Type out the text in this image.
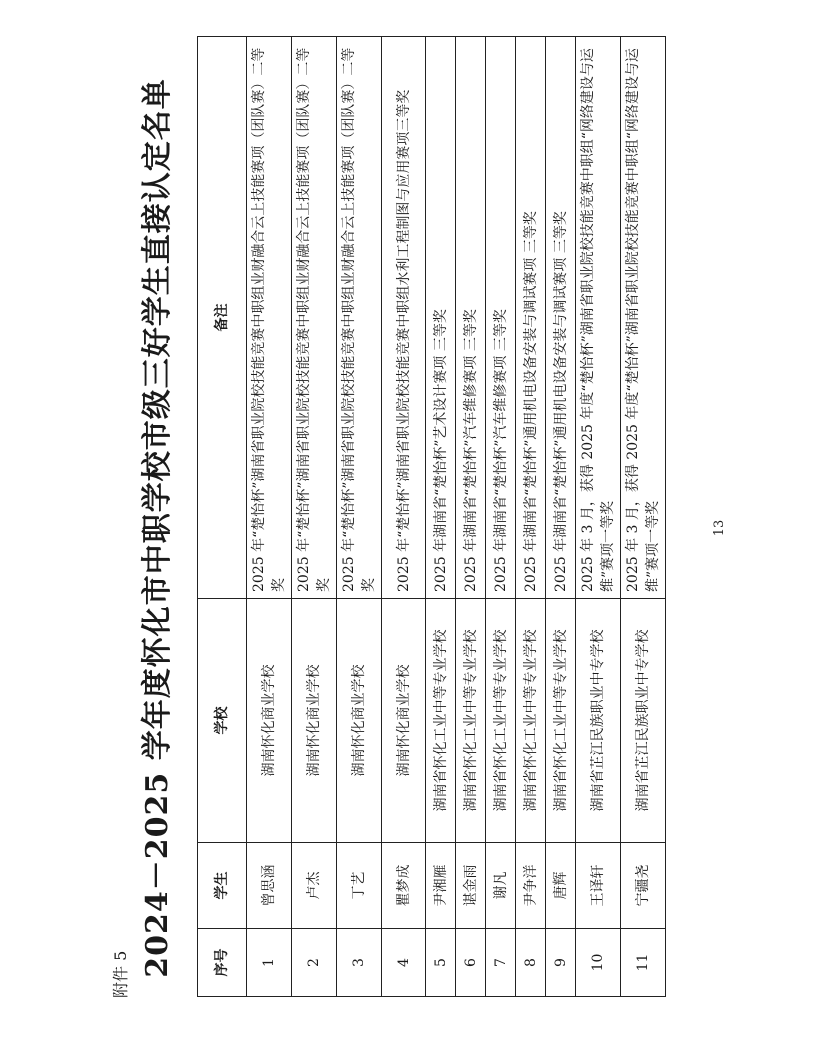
附件 5 2024－2025 学年度怀化市中职学校市级三好学生直接认定名单	序号	学生	学校	备注
1	曾思涵	湖南怀化商业学校	2025 年“楚怡杯”湖南省职业院校技能竞赛中职组业财融合云上技能赛项（团队赛）二等奖
2	卢杰	湖南怀化商业学校	2025 年“楚怡杯”湖南省职业院校技能竞赛中职组业财融合云上技能赛项（团队赛）二等奖
3	丁艺	湖南怀化商业学校	2025 年“楚怡杯”湖南省职业院校技能竞赛中职组业财融合云上技能赛项（团队赛）二等奖
4	瞿梦成	湖南怀化商业学校	2025 年“楚怡杯”湖南省职业院校技能竞赛中职组水利工程制图与应用赛项三等奖
5	尹湘雁	湖南省怀化工业中等专业学校	2025 年湖南省“楚怡杯”艺术设计赛项 三等奖
6	谌金雨	湖南省怀化工业中等专业学校	2025 年湖南省“楚怡杯”汽车维修赛项 三等奖
7	谢凡	湖南省怀化工业中等专业学校	2025 年湖南省“楚怡杯”汽车维修赛项 三等奖
8	尹争洋	湖南省怀化工业中等专业学校	2025 年湖南省“楚怡杯”通用机电设备安装与调试赛项 三等奖
9	唐辉	湖南省怀化工业中等专业学校	2025 年湖南省“楚怡杯”通用机电设备安装与调试赛项 三等奖
10	王译轩	湖南省芷江民族职业中专学校	2025 年 3 月，获得 2025 年度“楚怡杯”湖南省职业院校技能竞赛中职组“网络建设与运维”赛项一等奖
11	宁疆尧	湖南省芷江民族职业中专学校	2025 年 3 月，获得 2025 年度“楚怡杯”湖南省职业院校技能竞赛中职组“网络建设与运维”赛项一等奖	13
